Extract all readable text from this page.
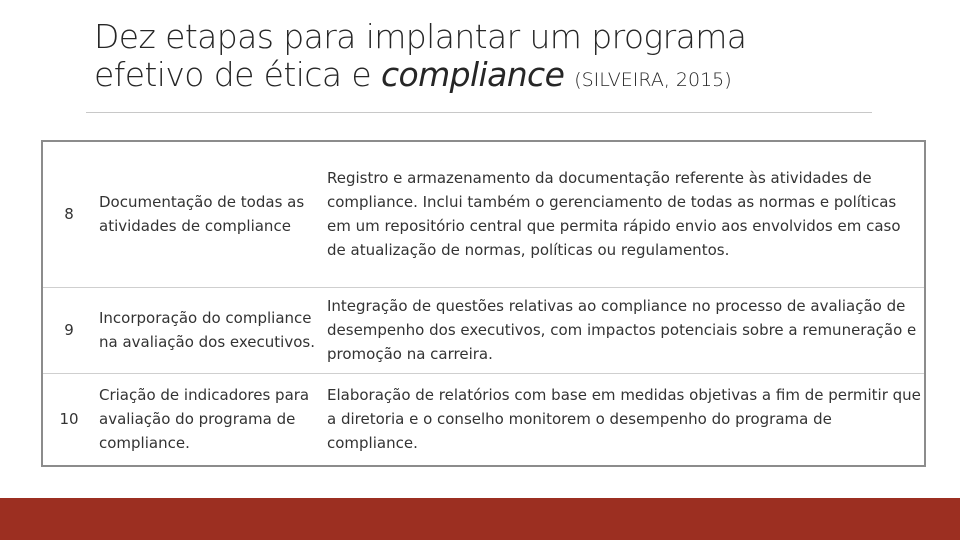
Dez etapas para implantar um programa
efetivo de ética e compliance (SILVEIRA, 2015)
8	Documentação de todas as atividades de compliance	Registro e armazenamento da documentação referente às atividades de compliance. Inclui também o gerenciamento de todas as normas e políticas em um repositório central que permita rápido envio aos envolvidos em caso de atualização de normas, políticas ou regulamentos.
9	Incorporação do compliance na avaliação dos executivos.	Integração de questões relativas ao compliance no processo de avaliação de desempenho dos executivos, com impactos potenciais sobre a remuneração e promoção na carreira.
10	Criação de indicadores para avaliação do programa de compliance.	Elaboração de relatórios com base em medidas objetivas a fim de permitir que a diretoria e o conselho monitorem o desempenho do programa de compliance.
